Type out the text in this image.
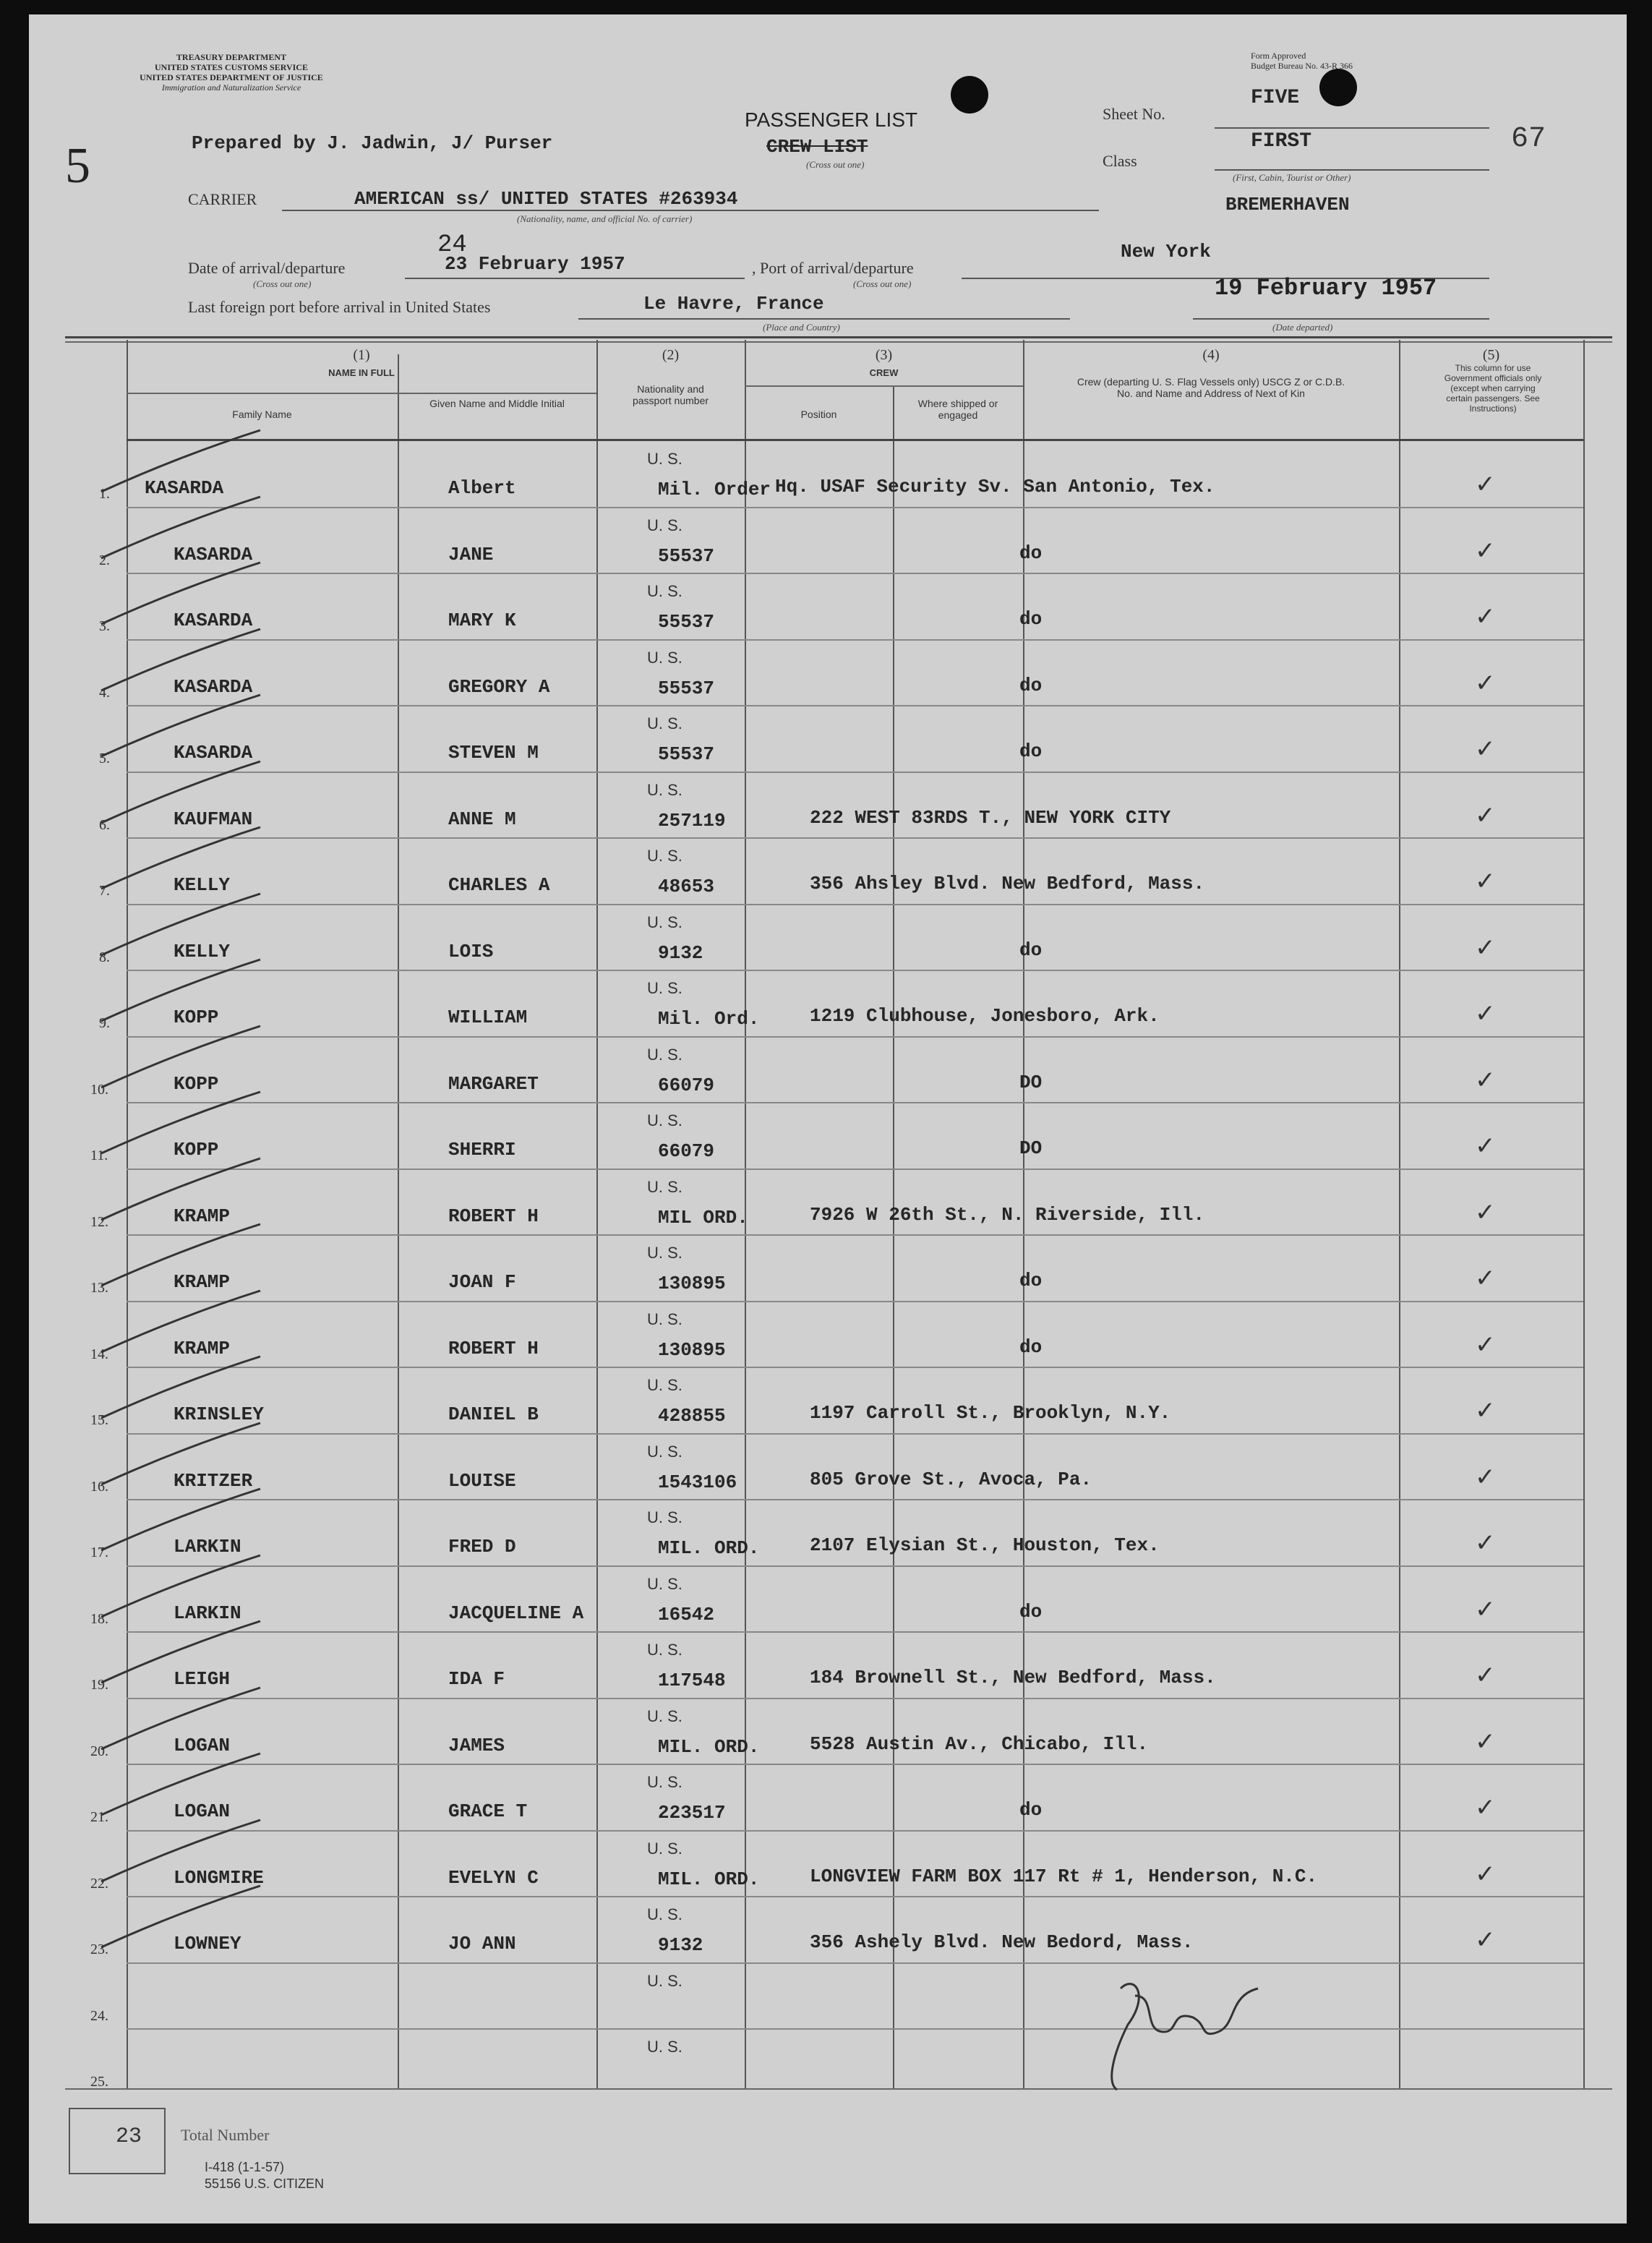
TREASURY DEPARTMENT
UNITED STATES CUSTOMS SERVICE
UNITED STATES DEPARTMENT OF JUSTICE
Immigration and Naturalization Service
Form Approved
Budget Bureau No. 43-R 366
5	67
PASSENGER LIST
CREW LIST
(Cross out one)
Prepared by J. Jadwin, J/ Purser
Sheet No.
FIVE
Class
FIRST
(First, Cabin, Tourist or Other)
BREMERHAVEN
CARRIER	AMERICAN ss/ UNITED STATES #263934
(Nationality, name, and official No. of carrier)
Date of arrival/departure
(Cross out one)
24
23 February 1957	, Port of arrival/departure
(Cross out one)
New York
Last foreign port before arrival in United States	Le Havre, France
(Place and Country)
19 February 1957
(Date departed)
(1)
NAME IN FULL
Family Name
Given Name and Middle Initial
(2)
Nationality and passport number
(3)
CREW
Position
Where shipped or engaged
(4)
Crew (departing U. S. Flag Vessels only) USCG Z or C.D.B. No. and Name and Address of Next of Kin
(5)
This column for use Government officials only (except when carrying certain passengers. See Instructions)
1.
U. S.
KASARDA	Albert	Mil. Order Hq. USAF Security Sv. San Antonio, Tex.	✓
2.
U. S.
KASARDA	JANE	55537	do	✓
3.
U. S.
KASARDA	MARY K	55537	do	✓
4.
U. S.
KASARDA	GREGORY A	55537	do	✓
5.
U. S.
KASARDA	STEVEN M	55537	do	✓
6.
U. S.
KAUFMAN	ANNE M	257119	222 WEST 83RDS T., NEW YORK CITY	✓
7.
U. S.
KELLY	CHARLES A	48653	356 Ahsley Blvd. New Bedford, Mass.	✓
8.
U. S.
KELLY	LOIS	9132	do	✓
9.
U. S.
KOPP	WILLIAM	Mil. Ord.	1219 Clubhouse, Jonesboro, Ark.	✓
10.
U. S.
KOPP	MARGARET	66079	DO	✓
11.
U. S.
KOPP	SHERRI	66079	DO	✓
12.
U. S.
KRAMP	ROBERT H	MIL ORD.	7926 W 26th St., N. Riverside, Ill.	✓
13.
U. S.
KRAMP	JOAN F	130895	do	✓
14.
U. S.
KRAMP	ROBERT H	130895	do	✓
15.
U. S.
KRINSLEY	DANIEL B	428855	1197 Carroll St., Brooklyn, N.Y.	✓
16.
U. S.
KRITZER	LOUISE	1543106	805 Grove St., Avoca, Pa.	✓
17.
U. S.
LARKIN	FRED D	MIL. ORD.	2107 Elysian St., Houston, Tex.	✓
18.
U. S.
LARKIN	JACQUELINE A	16542	do	✓
19.
U. S.
LEIGH	IDA F	117548	184 Brownell St., New Bedford, Mass.	✓
20.
U. S.
LOGAN	JAMES	MIL. ORD.	5528 Austin Av., Chicabo, Ill.	✓
21.
U. S.
LOGAN	GRACE T	223517	do	✓
22.
U. S.
LONGMIRE	EVELYN C	MIL. ORD.	LONGVIEW FARM BOX 117 Rt # 1, Henderson, N.C.	✓
23.
U. S.
LOWNEY	JO ANN	9132	356 Ashely Blvd. New Bedord, Mass.	✓
24.
U. S.
25.
U. S.
23 Total Number
I-418 (1-1-57)
55156 U.S. CITIZEN
